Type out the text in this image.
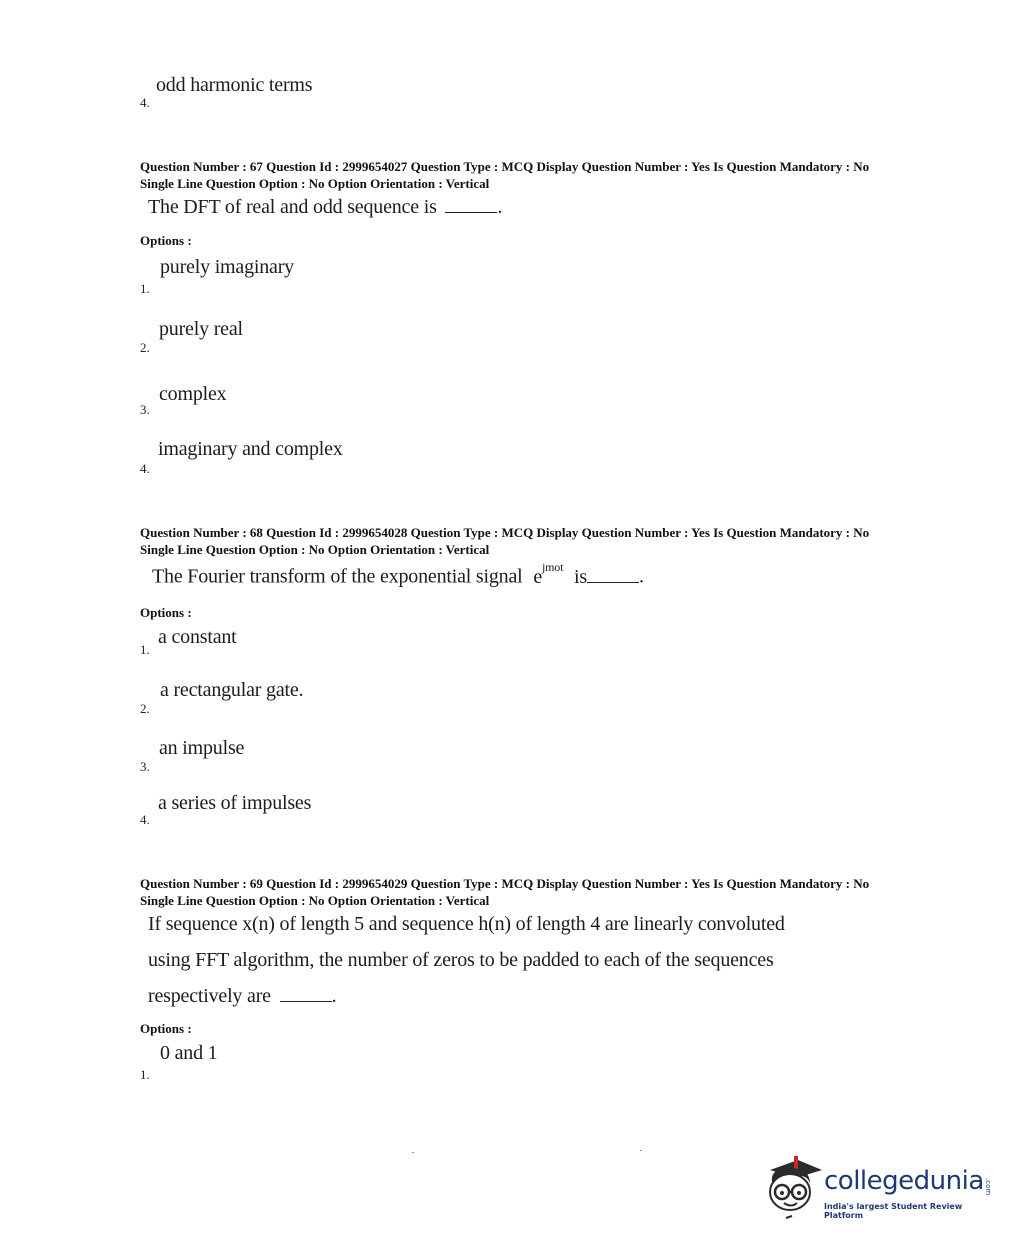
odd harmonic terms
4.
Question Number : 67 Question Id : 2999654027 Question Type : MCQ Display Question Number : Yes Is Question Mandatory : No Single Line Question Option : No Option Orientation : Vertical
The DFT of real and odd sequence is	.
Options :
purely imaginary
1.
purely real
2.
complex
3.
imaginary and complex
4.
Question Number : 68 Question Id : 2999654028 Question Type : MCQ Display Question Number : Yes Is Question Mandatory : No Single Line Question Option : No Option Orientation : Vertical
The Fourier transform of the exponential signal $e^{jmot}$ is	.
Options :
a constant
1.
a rectangular gate.
2.
an impulse
3.
a series of impulses
4.
Question Number : 69 Question Id : 2999654029 Question Type : MCQ Display Question Number : Yes Is Question Mandatory : No Single Line Question Option : No Option Orientation : Vertical
If sequence x(n) of length 5 and sequence h(n) of length 4 are linearly convoluted
using FFT algorithm, the number of zeros to be padded to each of the sequences
respectively are	.
Options :
0 and 1
1.
collegedunia .com
India's largest Student Review Platform
